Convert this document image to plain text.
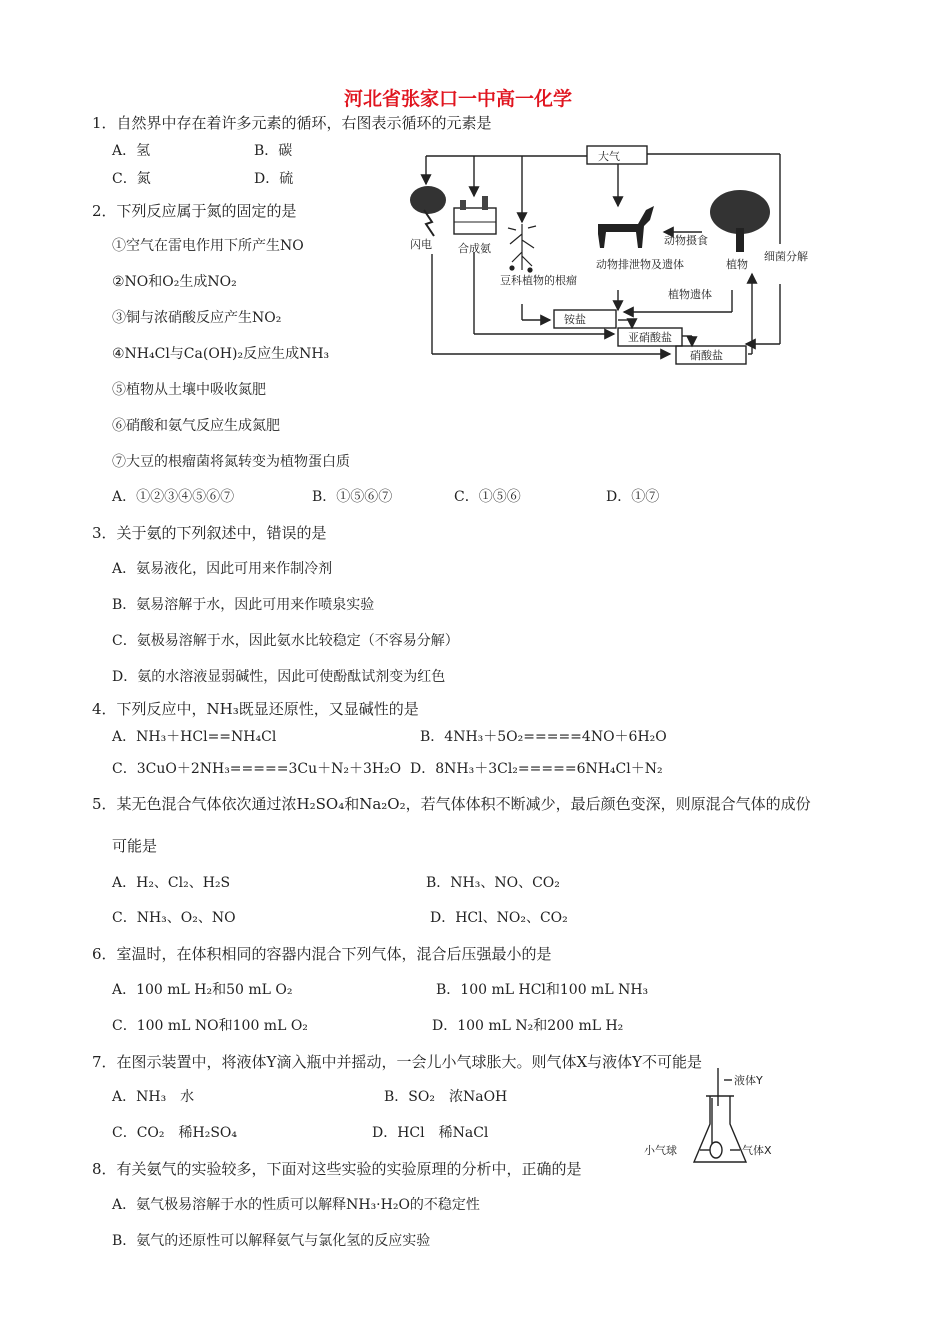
河北省张家口一中高一化学
1．自然界中存在着许多元素的循环，右图表示循环的元素是
A．氢	B．碳
C．氮	D．硫
2．下列反应属于氮的固定的是
①空气在雷电作用下所产生NO
②NO和O₂生成NO₂
③铜与浓硝酸反应产生NO₂
④NH₄Cl与Ca(OH)₂反应生成NH₃
⑤植物从土壤中吸收氮肥
⑥硝酸和氨气反应生成氮肥
⑦大豆的根瘤菌将氮转变为植物蛋白质
A．①②③④⑤⑥⑦	B．①⑤⑥⑦	C．①⑤⑥	D．①⑦
3．关于氨的下列叙述中，错误的是
A．氨易液化，因此可用来作制冷剂
B．氨易溶解于水，因此可用来作喷泉实验
C．氨极易溶解于水，因此氨水比较稳定（不容易分解）
D．氨的水溶液显弱碱性，因此可使酚酞试剂变为红色
4．下列反应中，NH₃既显还原性，又显碱性的是
A．NH₃＋HCl==NH₄Cl	B．4NH₃＋5O₂=====4NO＋6H₂O
C．3CuO＋2NH₃=====3Cu＋N₂＋3H₂O D．8NH₃＋3Cl₂=====6NH₄Cl＋N₂
5．某无色混合气体依次通过浓H₂SO₄和Na₂O₂，若气体体积不断减少，最后颜色变深，则原混合气体的成份
可能是
A．H₂、Cl₂、H₂S	B．NH₃、NO、CO₂
C．NH₃、O₂、NO	D．HCl、NO₂、CO₂
6．室温时，在体积相同的容器内混合下列气体，混合后压强最小的是
A．100 mL H₂和50 mL O₂	B．100 mL HCl和100 mL NH₃
C．100 mL NO和100 mL O₂	D．100 mL N₂和200 mL H₂
7．在图示装置中，将液体Y滴入瓶中并摇动，一会儿小气球胀大。则气体X与液体Y不可能是
A．NH₃　水	B．SO₂　浓NaOH
C．CO₂　稀H₂SO₄	D．HCl　稀NaCl
8．有关氨气的实验较多，下面对这些实验的实验原理的分析中，正确的是
A．氨气极易溶解于水的性质可以解释NH₃·H₂O的不稳定性
B．氨气的还原性可以解释氨气与氯化氢的反应实验
大气
闪电 合成氨
豆科植物的根瘤
动物排泄物及遗体
动物摄食
植物
植物遗体
细菌分解
铵盐
亚硝酸盐
硝酸盐
液体Y
小气球	气体X
